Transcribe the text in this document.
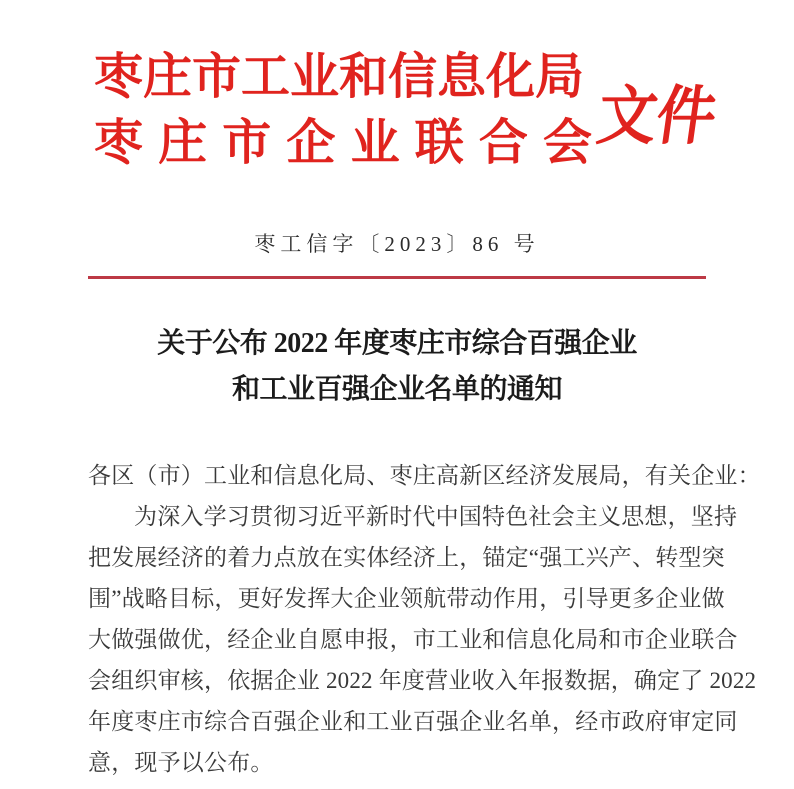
枣庄市工业和信息化局
枣庄市企业联合会 文件
枣工信字〔2023〕86 号
关于公布 2022 年度枣庄市综合百强企业
和工业百强企业名单的通知
各区（市）工业和信息化局、枣庄高新区经济发展局，有关企业：
为深入学习贯彻习近平新时代中国特色社会主义思想，坚持
把发展经济的着力点放在实体经济上，锚定“强工兴产、转型突
围”战略目标，更好发挥大企业领航带动作用，引导更多企业做
大做强做优，经企业自愿申报，市工业和信息化局和市企业联合
会组织审核，依据企业 2022 年度营业收入年报数据，确定了 2022
年度枣庄市综合百强企业和工业百强企业名单，经市政府审定同
意，现予以公布。
